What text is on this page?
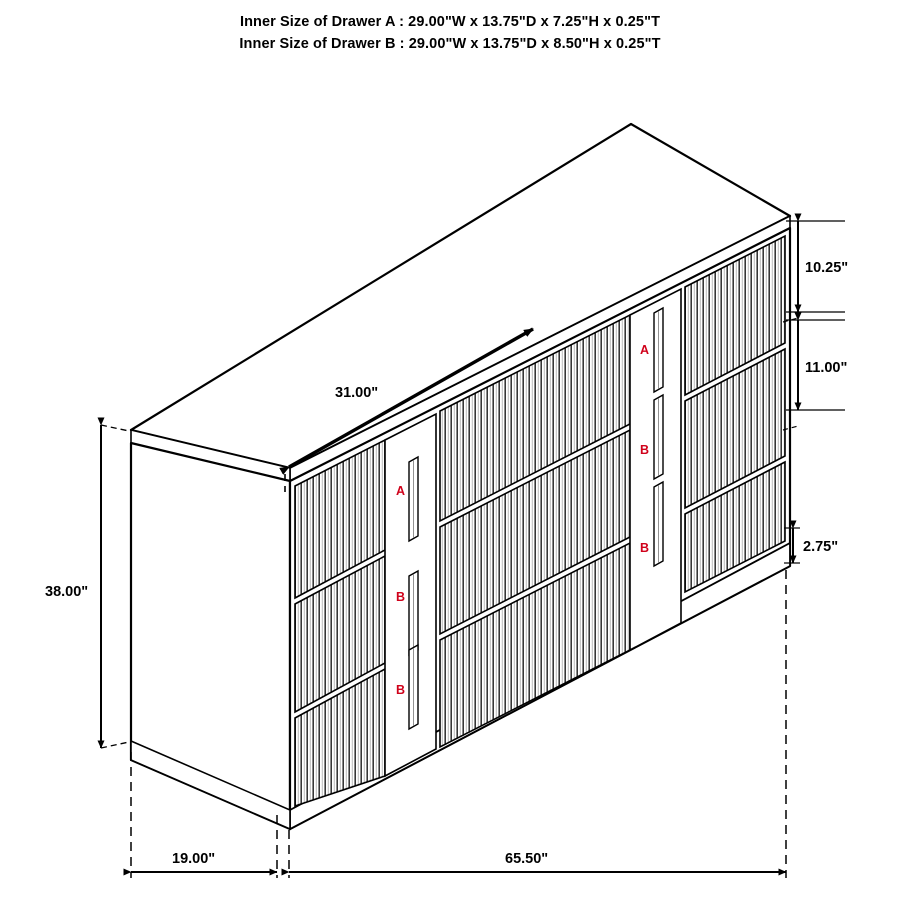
Inner Size of Drawer A : 29.00"W x 13.75"D x 7.25"H x 0.25"T
Inner Size of Drawer B : 29.00"W x 13.75"D x 8.50"H x 0.25"T
31.00"
38.00"
10.25"
11.00"
2.75"
19.00"	65.50"
A
B
B
A
B
B
